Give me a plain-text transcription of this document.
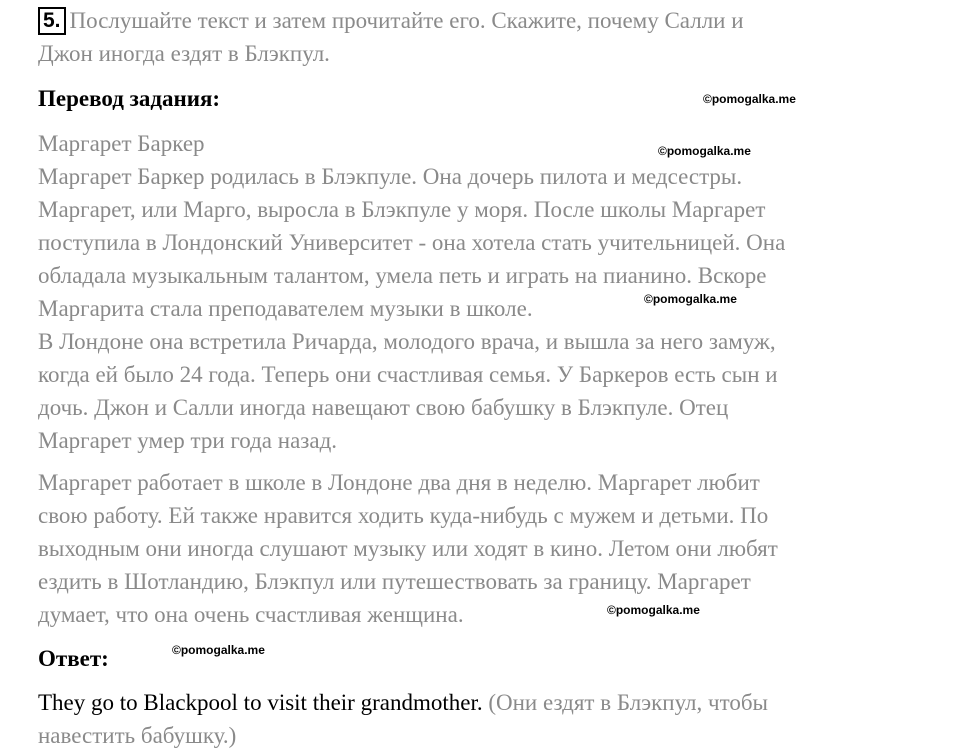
5. Послушайте текст и затем прочитайте его. Скажите, почему Салли и
Джон иногда ездят в Блэкпул.
Перевод задания:
Маргарет Баркер
Маргарет Баркер родилась в Блэкпуле. Она дочерь пилота и медсестры.
Маргарет, или Марго, выросла в Блэкпуле у моря. После школы Маргарет
поступила в Лондонский Университет - она хотела стать учительницей. Она
обладала музыкальным талантом, умела петь и играть на пианино. Вскоре
Маргарита стала преподавателем музыки в школе.
В Лондоне она встретила Ричарда, молодого врача, и вышла за него замуж,
когда ей было 24 года. Теперь они счастливая семья. У Баркеров есть сын и
дочь. Джон и Салли иногда навещают свою бабушку в Блэкпуле. Отец
Маргарет умер три года назад.
Маргарет работает в школе в Лондоне два дня в неделю. Маргарет любит
свою работу. Ей также нравится ходить куда-нибудь с мужем и детьми. По
выходным они иногда слушают музыку или ходят в кино. Летом они любят
ездить в Шотландию, Блэкпул или путешествовать за границу. Маргарет
думает, что она очень счастливая женщина.
Ответ:
They go to Blackpool to visit their grandmother. (Они ездят в Блэкпул, чтобы
навестить бабушку.)
©pomogalka.me
©pomogalka.me
©pomogalka.me
©pomogalka.me
©pomogalka.me
